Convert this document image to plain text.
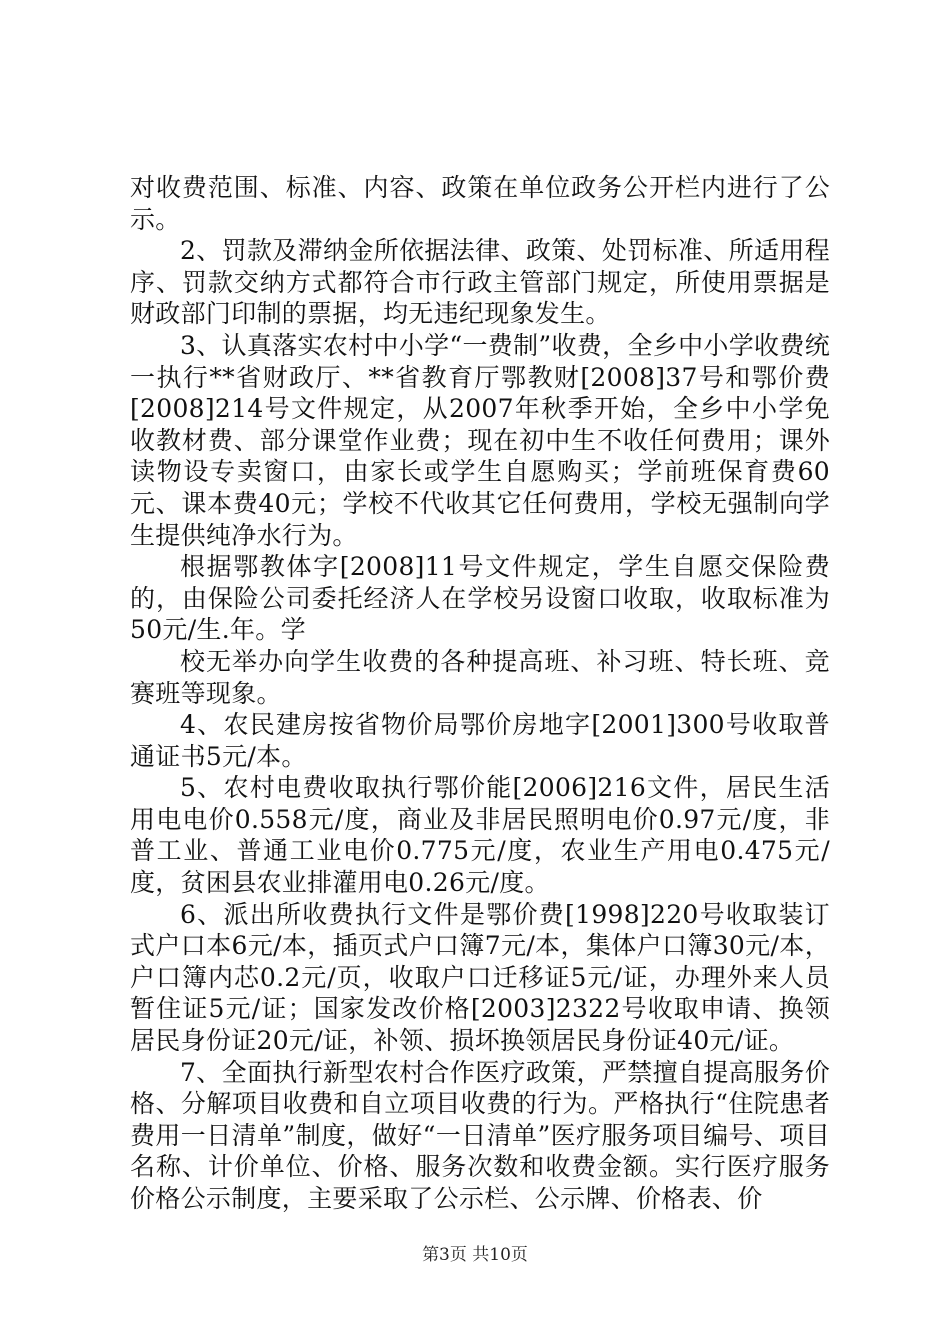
对收费范围、标准、内容、政策在单位政务公开栏内进行了公示。

2、罚款及滞纳金所依据法律、政策、处罚标准、所适用程序、罚款交纳方式都符合市行政主管部门规定，所使用票据是财政部门印制的票据，均无违纪现象发生。

3、认真落实农村中小学“一费制”收费，全乡中小学收费统一执行**省财政厅、**省教育厅鄂教财[2008]37号和鄂价费[2008]214号文件规定，从2007年秋季开始，全乡中小学免收教材费、部分课堂作业费；现在初中生不收任何费用；课外读物设专卖窗口，由家长或学生自愿购买；学前班保育费60元、课本费40元；学校不代收其它任何费用，学校无强制向学生提供纯净水行为。

根据鄂教体字[2008]11号文件规定，学生自愿交保险费的，由保险公司委托经济人在学校另设窗口收取，收取标准为50元/生.年。学

校无举办向学生收费的各种提高班、补习班、特长班、竞赛班等现象。

4、农民建房按省物价局鄂价房地字[2001]300号收取普通证书5元/本。

5、农村电费收取执行鄂价能[2006]216文件，居民生活用电电价0.558元/度，商业及非居民照明电价0.97元/度，非普工业、普通工业电价0.775元/度，农业生产用电0.475元/度，贫困县农业排灌用电0.26元/度。

6、派出所收费执行文件是鄂价费[1998]220号收取装订式户口本6元/本，插页式户口簿7元/本，集体户口簿30元/本，户口簿内芯0.2元/页，收取户口迁移证5元/证，办理外来人员暂住证5元/证；国家发改价格[2003]2322号收取申请、换领居民身份证20元/证，补领、损坏换领居民身份证40元/证。

7、全面执行新型农村合作医疗政策，严禁擅自提高服务价格、分解项目收费和自立项目收费的行为。严格执行“住院患者费用一日清单”制度，做好“一日清单”医疗服务项目编号、项目名称、计价单位、价格、服务次数和收费金额。实行医疗服务价格公示制度，主要采取了公示栏、公示牌、价格表、价

第3页 共10页
